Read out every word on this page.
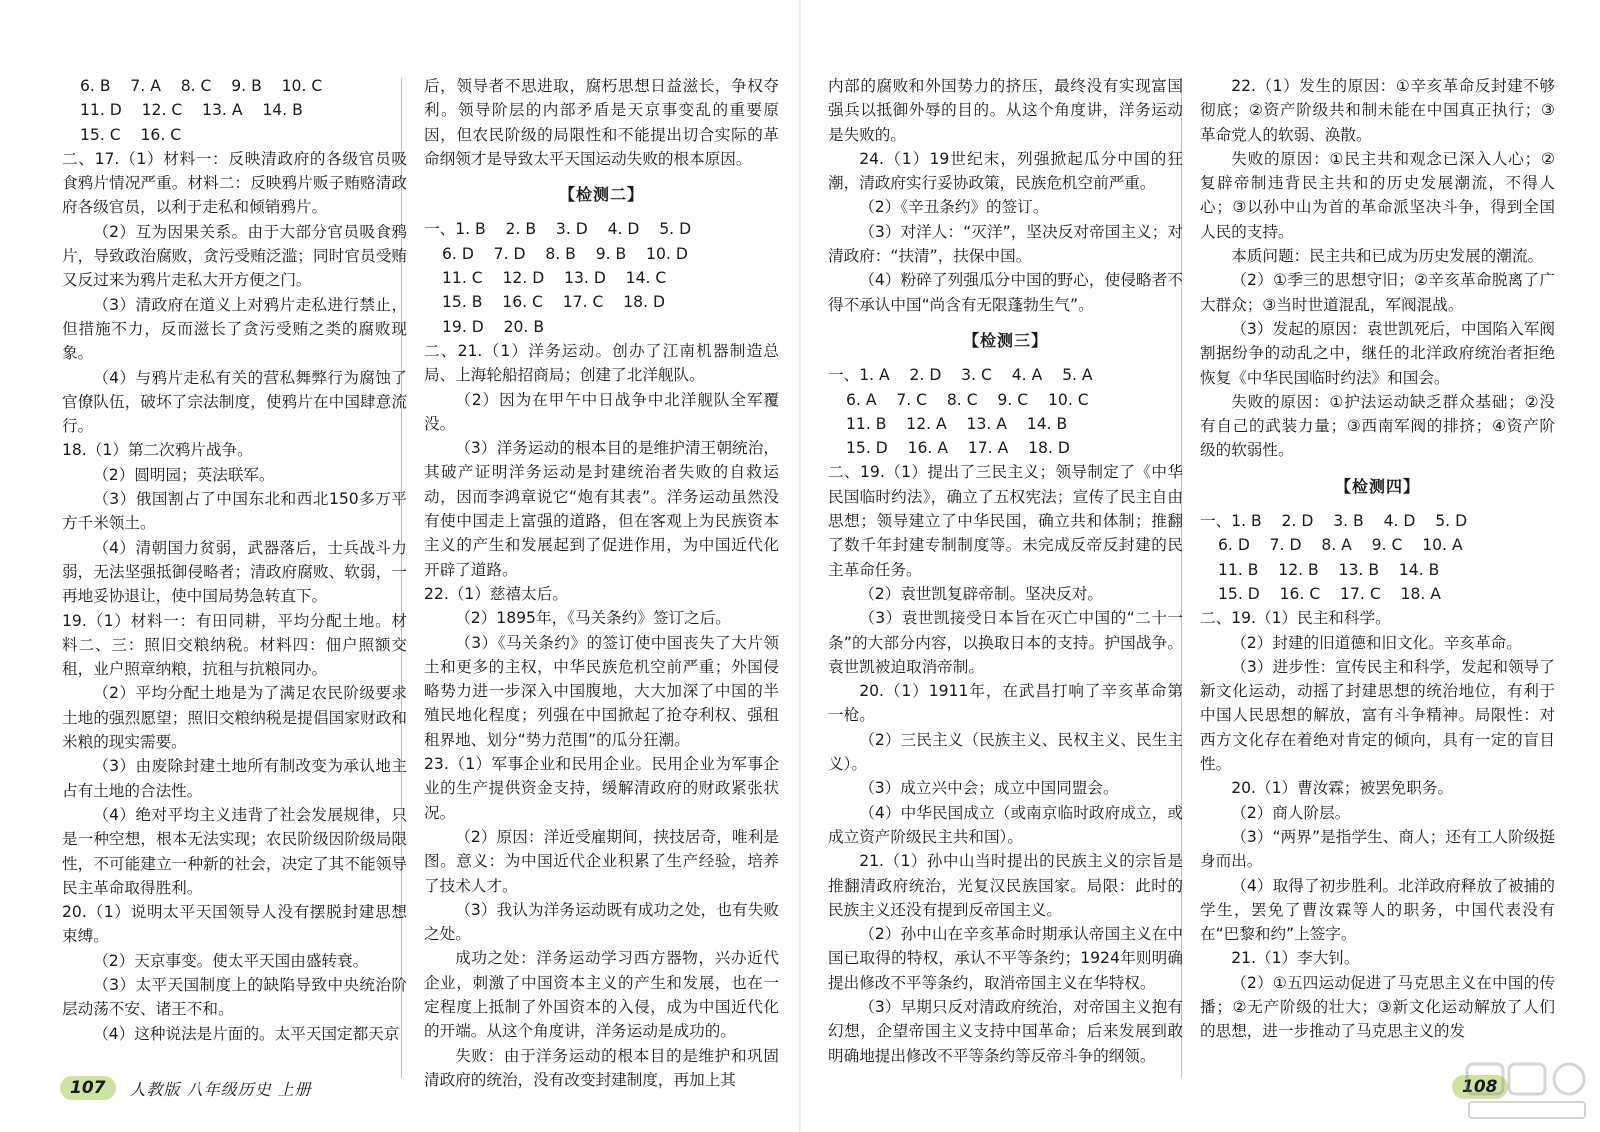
6. B    7. A    8. C    9. B    10. C

11. D    12. C    13. A    14. B

15. C    16. C

二、17.（1）材料一：反映清政府的各级官员吸食鸦片情况严重。材料二：反映鸦片贩子贿赂清政府各级官员，以利于走私和倾销鸦片。

（2）互为因果关系。由于大部分官员吸食鸦片，导致政治腐败，贪污受贿泛滥；同时官员受贿又反过来为鸦片走私大开方便之门。

（3）清政府在道义上对鸦片走私进行禁止，但措施不力，反而滋长了贪污受贿之类的腐败现象。

（4）与鸦片走私有关的营私舞弊行为腐蚀了官僚队伍，破坏了宗法制度，使鸦片在中国肆意流行。

18.（1）第二次鸦片战争。

（2）圆明园；英法联军。

（3）俄国割占了中国东北和西北150多万平方千米领土。

（4）清朝国力贫弱，武器落后，士兵战斗力弱，无法坚强抵御侵略者；清政府腐败、软弱，一再地妥协退让，使中国局势急转直下。

19.（1）材料一：有田同耕，平均分配土地。材料二、三：照旧交粮纳税。材料四：佃户照额交租，业户照章纳粮，抗租与抗粮同办。

（2）平均分配土地是为了满足农民阶级要求土地的强烈愿望；照旧交粮纳税是提倡国家财政和米粮的现实需要。

（3）由废除封建土地所有制改变为承认地主占有土地的合法性。

（4）绝对平均主义违背了社会发展规律，只是一种空想，根本无法实现；农民阶级因阶级局限性，不可能建立一种新的社会，决定了其不能领导民主革命取得胜利。

20.（1）说明太平天国领导人没有摆脱封建思想束缚。

（2）天京事变。使太平天国由盛转衰。

（3）太平天国制度上的缺陷导致中央统治阶层动荡不安、诸王不和。

（4）这种说法是片面的。太平天国定都天京

后，领导者不思进取，腐朽思想日益滋长，争权夺利。领导阶层的内部矛盾是天京事变乱的重要原因，但农民阶级的局限性和不能提出切合实际的革命纲领才是导致太平天国运动失败的根本原因。

【检测二】

一、1. B    2. B    3. D    4. D    5. D

6. D    7. D    8. B    9. B    10. D

11. C    12. D    13. D    14. C

15. B    16. C    17. C    18. D

19. D    20. B

二、21.（1）洋务运动。创办了江南机器制造总局、上海轮船招商局；创建了北洋舰队。

（2）因为在甲午中日战争中北洋舰队全军覆没。

（3）洋务运动的根本目的是维护清王朝统治，其破产证明洋务运动是封建统治者失败的自救运动，因而李鸿章说它“炮有其表”。洋务运动虽然没有使中国走上富强的道路，但在客观上为民族资本主义的产生和发展起到了促进作用，为中国近代化开辟了道路。

22.（1）慈禧太后。

（2）1895年，《马关条约》签订之后。

（3）《马关条约》的签订使中国丧失了大片领土和更多的主权，中华民族危机空前严重；外国侵略势力进一步深入中国腹地，大大加深了中国的半殖民地化程度；列强在中国掀起了抢夺利权、强租租界地、划分“势力范围”的瓜分狂潮。

23.（1）军事企业和民用企业。民用企业为军事企业的生产提供资金支持，缓解清政府的财政紧张状况。

（2）原因：洋近受雇期间，挟技居奇，唯利是图。意义：为中国近代企业积累了生产经验，培养了技术人才。

（3）我认为洋务运动既有成功之处，也有失败之处。

成功之处：洋务运动学习西方器物，兴办近代企业，刺激了中国资本主义的产生和发展，也在一定程度上抵制了外国资本的入侵，成为中国近代化的开端。从这个角度讲，洋务运动是成功的。

失败：由于洋务运动的根本目的是维护和巩固清政府的统治，没有改变封建制度，再加上其

内部的腐败和外国势力的挤压，最终没有实现富国强兵以抵御外辱的目的。从这个角度讲，洋务运动是失败的。

24.（1）19世纪末，列强掀起瓜分中国的狂潮，清政府实行妥协政策，民族危机空前严重。

（2）《辛丑条约》的签订。

（3）对洋人：“灭洋”，坚决反对帝国主义；对清政府：“扶清”，扶保中国。

（4）粉碎了列强瓜分中国的野心，使侵略者不得不承认中国“尚含有无限蓬勃生气”。

【检测三】

一、1. A    2. D    3. C    4. A    5. A

6. A    7. C    8. C    9. C    10. C

11. B    12. A    13. A    14. B

15. D    16. A    17. A    18. D

二、19.（1）提出了三民主义；领导制定了《中华民国临时约法》，确立了五权宪法；宣传了民主自由思想；领导建立了中华民国，确立共和体制；推翻了数千年封建专制制度等。未完成反帝反封建的民主革命任务。

（2）袁世凯复辟帝制。坚决反对。

（3）袁世凯接受日本旨在灭亡中国的“二十一条”的大部分内容，以换取日本的支持。护国战争。袁世凯被迫取消帝制。

20.（1）1911年，在武昌打响了辛亥革命第一枪。

（2）三民主义（民族主义、民权主义、民生主义）。

（3）成立兴中会；成立中国同盟会。

（4）中华民国成立（或南京临时政府成立，或成立资产阶级民主共和国）。

21.（1）孙中山当时提出的民族主义的宗旨是推翻清政府统治，光复汉民族国家。局限：此时的民族主义还没有提到反帝国主义。

（2）孙中山在辛亥革命时期承认帝国主义在中国已取得的特权，承认不平等条约；1924年则明确提出修改不平等条约，取消帝国主义在华特权。

（3）早期只反对清政府统治，对帝国主义抱有幻想，企望帝国主义支持中国革命；后来发展到敢明确地提出修改不平等条约等反帝斗争的纲领。

22.（1）发生的原因：①辛亥革命反封建不够彻底；②资产阶级共和制未能在中国真正执行；③革命党人的软弱、涣散。

失败的原因：①民主共和观念已深入人心；②复辟帝制违背民主共和的历史发展潮流，不得人心；③以孙中山为首的革命派坚决斗争，得到全国人民的支持。

本质问题：民主共和已成为历史发展的潮流。

（2）①季三的思想守旧；②辛亥革命脱离了广大群众；③当时世道混乱，军阀混战。

（3）发起的原因：袁世凯死后，中国陷入军阀割据纷争的动乱之中，继任的北洋政府统治者拒绝恢复《中华民国临时约法》和国会。

失败的原因：①护法运动缺乏群众基础；②没有自己的武装力量；③西南军阀的排挤；④资产阶级的软弱性。

【检测四】

一、1. B    2. D    3. B    4. D    5. D

6. D    7. D    8. A    9. C    10. A

11. B    12. B    13. B    14. B

15. D    16. C    17. C    18. A

二、19.（1）民主和科学。

（2）封建的旧道德和旧文化。辛亥革命。

（3）进步性：宣传民主和科学，发起和领导了新文化运动，动摇了封建思想的统治地位，有利于中国人民思想的解放，富有斗争精神。局限性：对西方文化存在着绝对肯定的倾向，具有一定的盲目性。

20.（1）曹汝霖；被罢免职务。

（2）商人阶层。

（3）“两界”是指学生、商人；还有工人阶级挺身而出。

（4）取得了初步胜利。北洋政府释放了被捕的学生，罢免了曹汝霖等人的职务，中国代表没有在“巴黎和约”上签字。

21.（1）李大钊。

（2）①五四运动促进了马克思主义在中国的传播；②无产阶级的壮大；③新文化运动解放了人们的思想，进一步推动了马克思主义的发

107	人教版 八年级历史 上册	108
